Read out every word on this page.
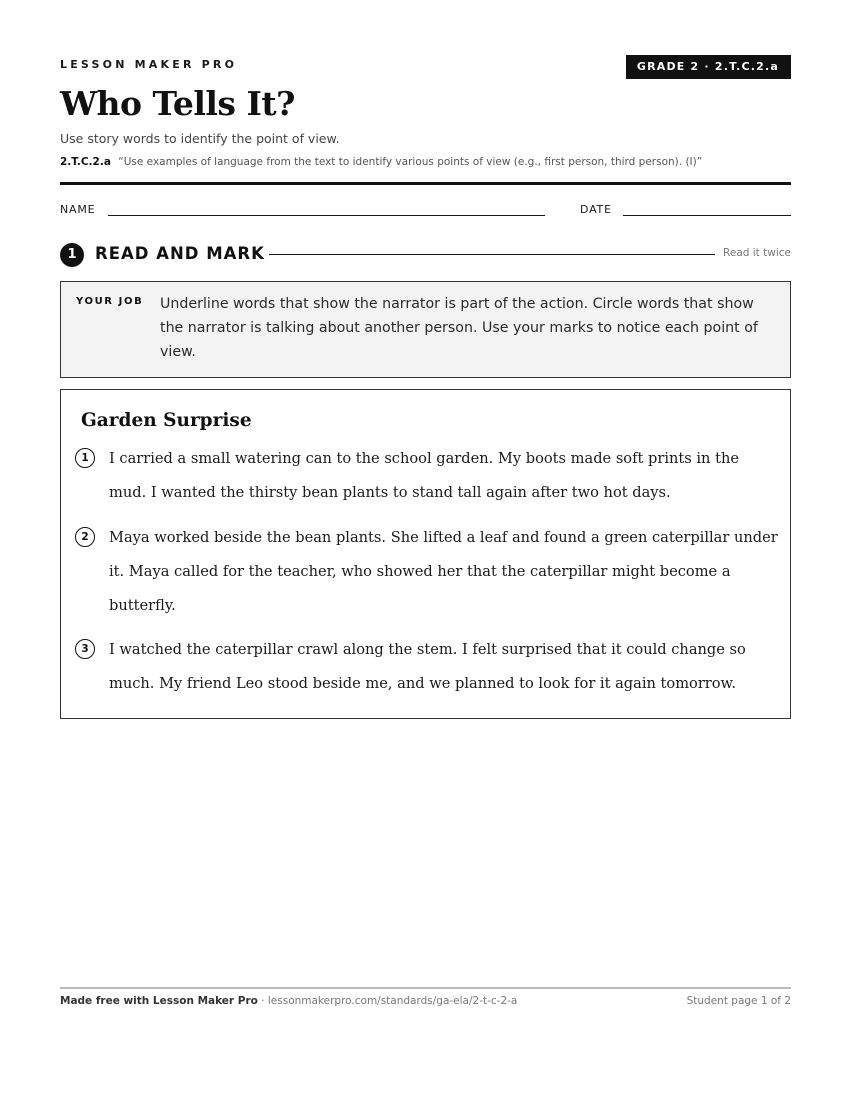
LESSON MAKER PRO	GRADE 2 · 2.T.C.2.a
Who Tells It?
Use story words to identify the point of view.
2.T.C.2.a “Use examples of language from the text to identify various points of view (e.g., first person, third person). (I)”
NAME	DATE
1	READ AND MARK	Read it twice
YOUR JOB Underline words that show the narrator is part of the action. Circle words that show the narrator is talking about another person. Use your marks to notice each point of view.
Garden Surprise
1	I carried a small watering can to the school garden. My boots made soft prints in the mud. I wanted the thirsty bean plants to stand tall again after two hot days.

2	Maya worked beside the bean plants. She lifted a leaf and found a green caterpillar under it. Maya called for the teacher, who showed her that the caterpillar might become a butterfly.

3	I watched the caterpillar crawl along the stem. I felt surprised that it could change so much. My friend Leo stood beside me, and we planned to look for it again tomorrow.

Made free with Lesson Maker Pro · lessonmakerpro.com/standards/ga-ela/2-t-c-2-a	Student page 1 of 2
